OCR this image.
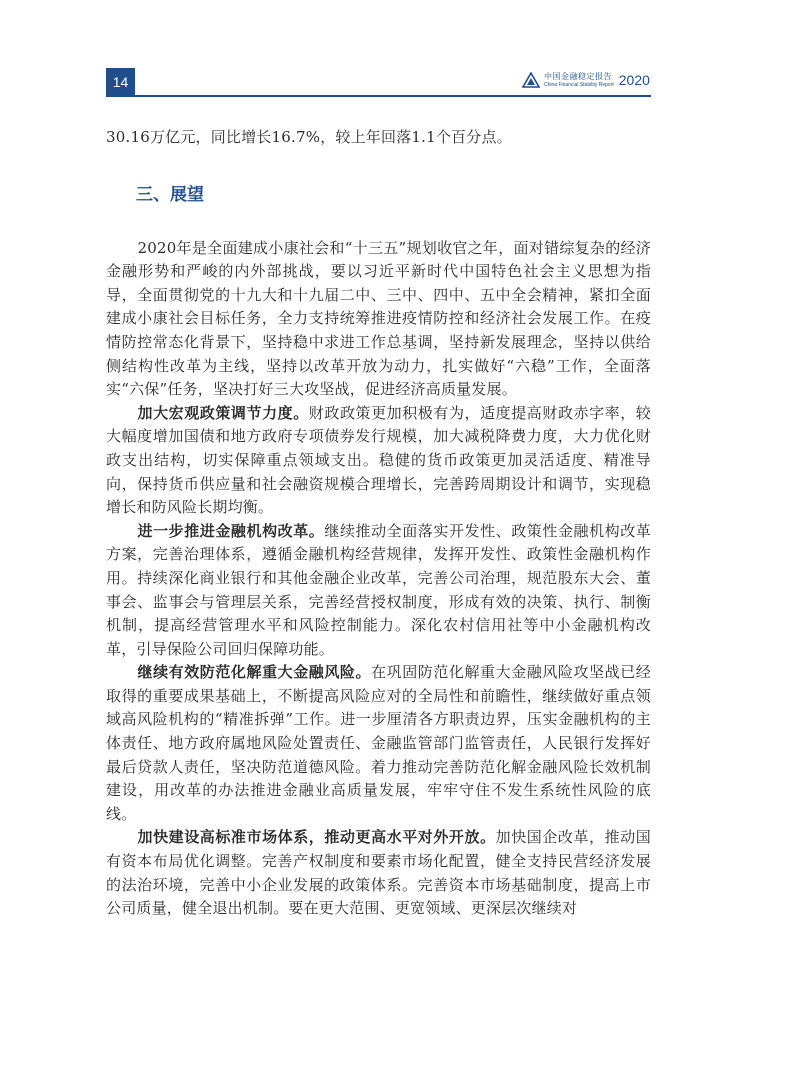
14	中国金融稳定报告
China Financial Stability Report 2020

30.16万亿元，同比增长16.7%，较上年回落1.1个百分点。

三、展望

2020年是全面建成小康社会和“十三五”规划收官之年，面对错综复杂的经济金融形势和严峻的内外部挑战，要以习近平新时代中国特色社会主义思想为指导，全面贯彻党的十九大和十九届二中、三中、四中、五中全会精神，紧扣全面建成小康社会目标任务，全力支持统筹推进疫情防控和经济社会发展工作。在疫情防控常态化背景下，坚持稳中求进工作总基调，坚持新发展理念，坚持以供给侧结构性改革为主线，坚持以改革开放为动力，扎实做好“六稳”工作，全面落实“六保”任务，坚决打好三大攻坚战，促进经济高质量发展。

加大宏观政策调节力度。财政政策更加积极有为，适度提高财政赤字率，较大幅度增加国债和地方政府专项债券发行规模，加大减税降费力度，大力优化财政支出结构，切实保障重点领域支出。稳健的货币政策更加灵活适度、精准导向，保持货币供应量和社会融资规模合理增长，完善跨周期设计和调节，实现稳增长和防风险长期均衡。

进一步推进金融机构改革。继续推动全面落实开发性、政策性金融机构改革方案，完善治理体系，遵循金融机构经营规律，发挥开发性、政策性金融机构作用。持续深化商业银行和其他金融企业改革，完善公司治理，规范股东大会、董事会、监事会与管理层关系，完善经营授权制度，形成有效的决策、执行、制衡机制，提高经营管理水平和风险控制能力。深化农村信用社等中小金融机构改革，引导保险公司回归保障功能。

继续有效防范化解重大金融风险。在巩固防范化解重大金融风险攻坚战已经取得的重要成果基础上，不断提高风险应对的全局性和前瞻性，继续做好重点领域高风险机构的“精准拆弹”工作。进一步厘清各方职责边界，压实金融机构的主体责任、地方政府属地风险处置责任、金融监管部门监管责任，人民银行发挥好最后贷款人责任，坚决防范道德风险。着力推动完善防范化解金融风险长效机制建设，用改革的办法推进金融业高质量发展，牢牢守住不发生系统性风险的底线。

加快建设高标准市场体系，推动更高水平对外开放。加快国企改革，推动国有资本布局优化调整。完善产权制度和要素市场化配置，健全支持民营经济发展的法治环境，完善中小企业发展的政策体系。完善资本市场基础制度，提高上市公司质量，健全退出机制。要在更大范围、更宽领域、更深层次继续对
